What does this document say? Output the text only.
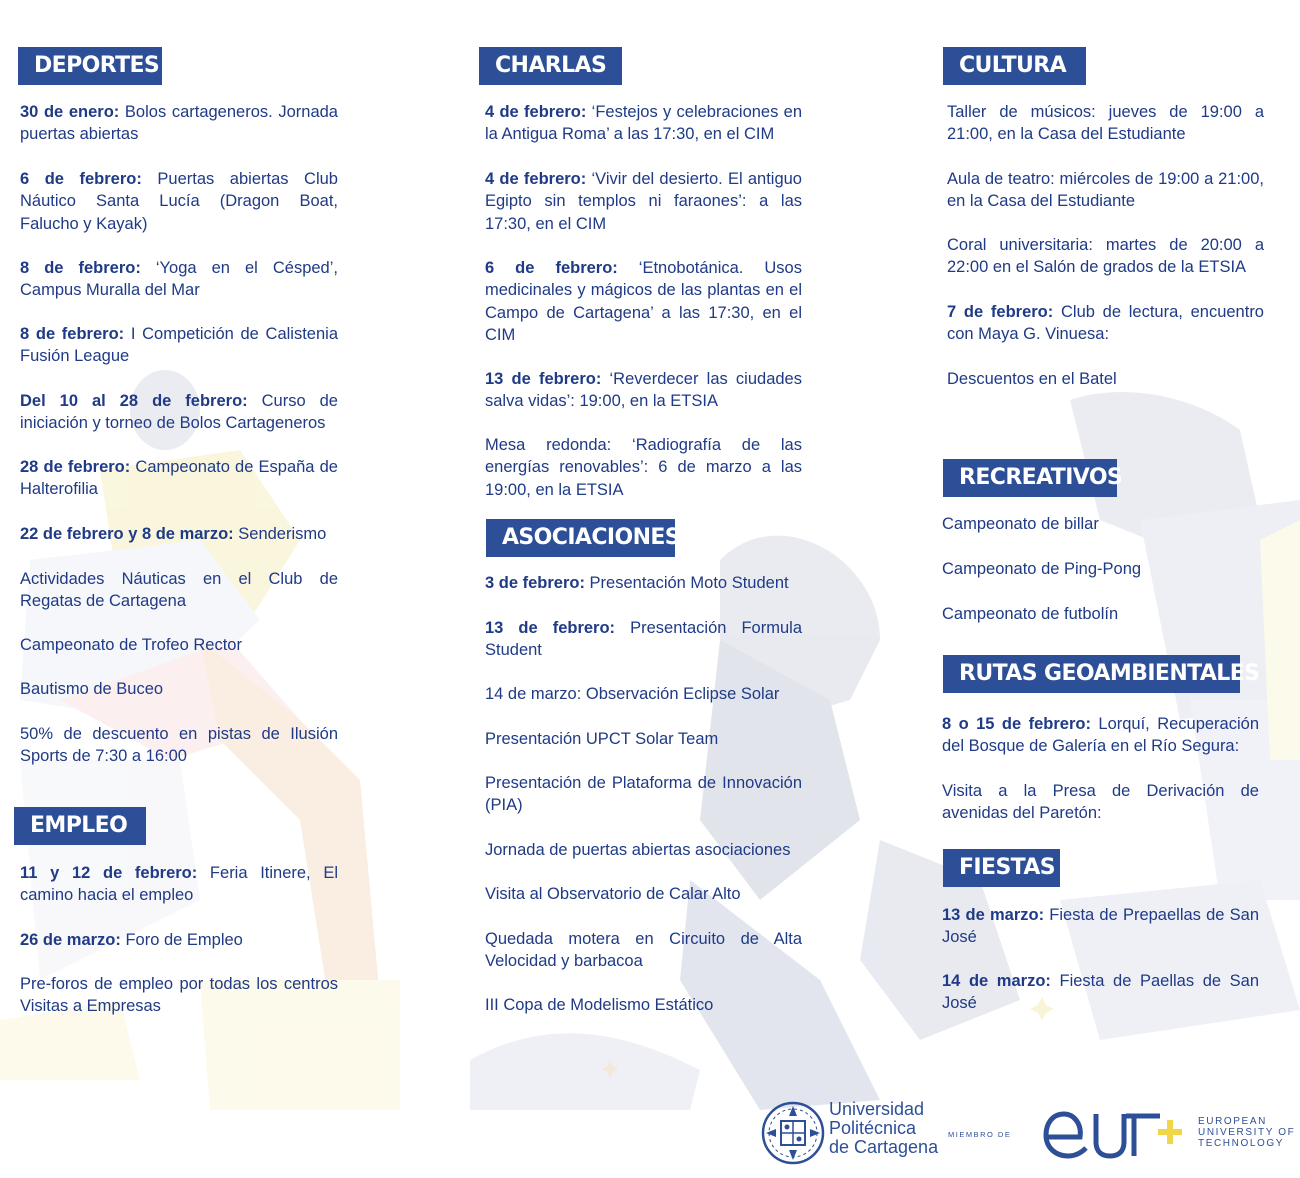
DEPORTES
30 de enero: Bolos cartageneros. Jornada puertas abiertas
6 de febrero: Puertas abiertas Club Náutico Santa Lucía (Dragon Boat, Falucho y Kayak)
8 de febrero: ‘Yoga en el Césped’, Campus Muralla del Mar
8 de febrero: I Competición de Calistenia Fusión League
Del 10 al 28 de febrero: Curso de iniciación y torneo de Bolos Cartageneros
28 de febrero: Campeonato de España de Halterofilia
22 de febrero y 8 de marzo: Senderismo
Actividades Náuticas en el Club de Regatas de Cartagena
Campeonato de Trofeo Rector
Bautismo de Buceo
50% de descuento en pistas de Ilusión Sports de 7:30 a 16:00
EMPLEO
11 y 12 de febrero: Feria Itinere, El camino hacia el empleo
26 de marzo: Foro de Empleo
Pre-foros de empleo por todas los centros Visitas a Empresas
CHARLAS
4 de febrero: ‘Festejos y celebraciones en la Antigua Roma’ a las 17:30, en el CIM
4 de febrero: ‘Vivir del desierto. El antiguo Egipto sin templos ni faraones’: a las 17:30, en el CIM
6 de febrero: ‘Etnobotánica. Usos medicinales y mágicos de las plantas en el Campo de Cartagena’ a las 17:30, en el CIM
13 de febrero: ‘Reverdecer las ciudades salva vidas’: 19:00, en la ETSIA
Mesa redonda: ‘Radiografía de las energías renovables’: 6 de marzo a las 19:00, en la ETSIA
ASOCIACIONES
3 de febrero: Presentación Moto Student
13 de febrero: Presentación Formula Student
14 de marzo: Observación Eclipse Solar
Presentación UPCT Solar Team
Presentación de Plataforma de Innovación (PIA)
Jornada de puertas abiertas asociaciones
Visita al Observatorio de Calar Alto
Quedada motera en Circuito de Alta Velocidad y barbacoa
III Copa de Modelismo Estático
CULTURA
Taller de músicos: jueves de 19:00 a 21:00, en la Casa del Estudiante
Aula de teatro: miércoles de 19:00 a 21:00, en la Casa del Estudiante
Coral universitaria: martes de 20:00 a 22:00 en el Salón de grados de la ETSIA
7 de febrero: Club de lectura, encuentro con Maya G. Vinuesa:
Descuentos en el Batel
RECREATIVOS
Campeonato de billar
Campeonato de Ping-Pong
Campeonato de futbolín
RUTAS GEOAMBIENTALES
8 o 15 de febrero: Lorquí, Recuperación del Bosque de Galería en el Río Segura:
Visita a la Presa de Derivación de avenidas del Paretón:
FIESTAS
13 de marzo: Fiesta de Prepaellas de San José
14 de marzo: Fiesta de Paellas de San José
Universidad
Politécnica
de Cartagena
MIEMBRO DE
EUROPEAN
UNIVERSITY OF
TECHNOLOGY
